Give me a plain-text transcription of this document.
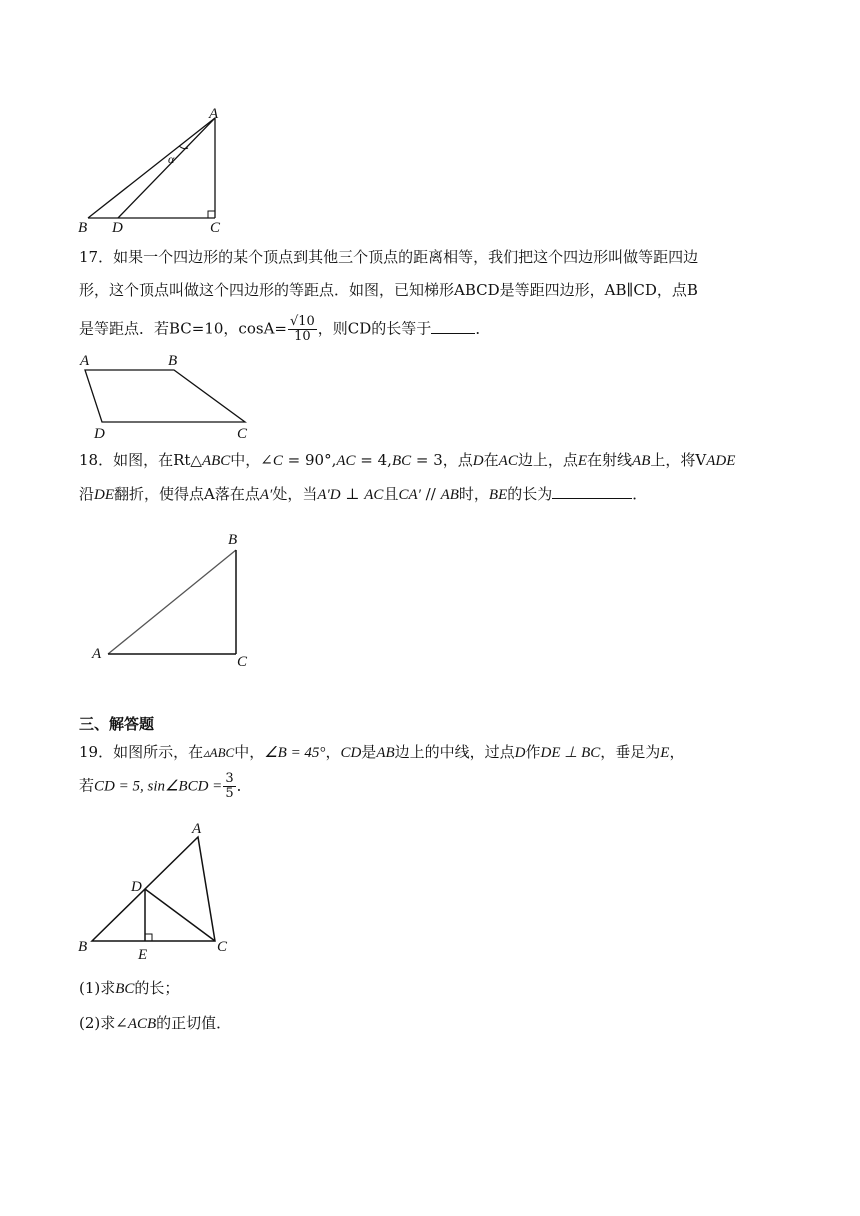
A
α
B D	C
17．如果一个四边形的某个顶点到其他三个顶点的距离相等，我们把这个四边形叫做等距四边
形，这个顶点叫做这个四边形的等距点．如图，已知梯形ABCD是等距四边形，AB∥CD，点B
是等距点．若BC=10，$\cos A= \frac{√10}{10}$ ，则CD的长等于	．
A	B
D	C
18．如图，在Rt△ABC中，∠C = 90°,AC = 4,BC = 3，点D在AC边上，点E在射线AB上，将VADE
沿DE翻折，使得点A落在点A′处，当A′D ⊥ AC且CA′ // AB时，BE的长为	．
B
A	C
三、解答题
19．如图所示，在▵ABC中，∠B = 45°，CD是AB边上的中线，过点D作DE ⊥ BC，垂足为E，
若CD = 5, sin∠BCD = $\frac{3}{5}$ ．
A
D
B	E	C
(1)求BC的长；
(2)求∠ACB的正切值．
